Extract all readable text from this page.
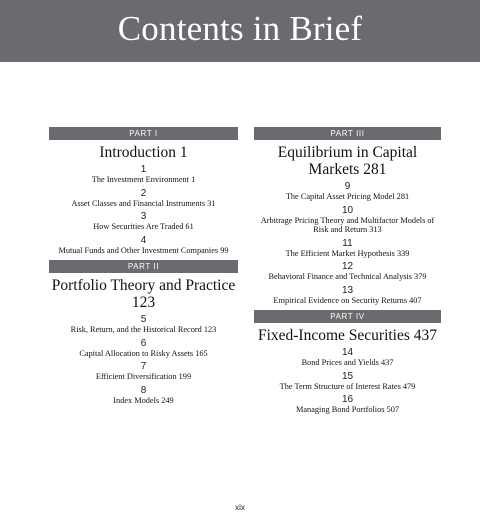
Contents in Brief
PART I
Introduction 1
1
The Investment Environment 1
2
Asset Classes and Financial Instruments 31
3
How Securities Are Traded 61
4
Mutual Funds and Other Investment Companies 99
PART II
Portfolio Theory and Practice 123
5
Risk, Return, and the Historical Record 123
6
Capital Allocation to Risky Assets 165
7
Efficient Diversification 199
8
Index Models 249
PART III
Equilibrium in Capital Markets 281
9
The Capital Asset Pricing Model 281
10
Arbitrage Pricing Theory and Multifactor Models of Risk and Return 313
11
The Efficient Market Hypothesis 339
12
Behavioral Finance and Technical Analysis 379
13
Empirical Evidence on Security Returns 407
PART IV
Fixed-Income Securities 437
14
Bond Prices and Yields 437
15
The Term Structure of Interest Rates 479
16
Managing Bond Portfolios 507
xix
